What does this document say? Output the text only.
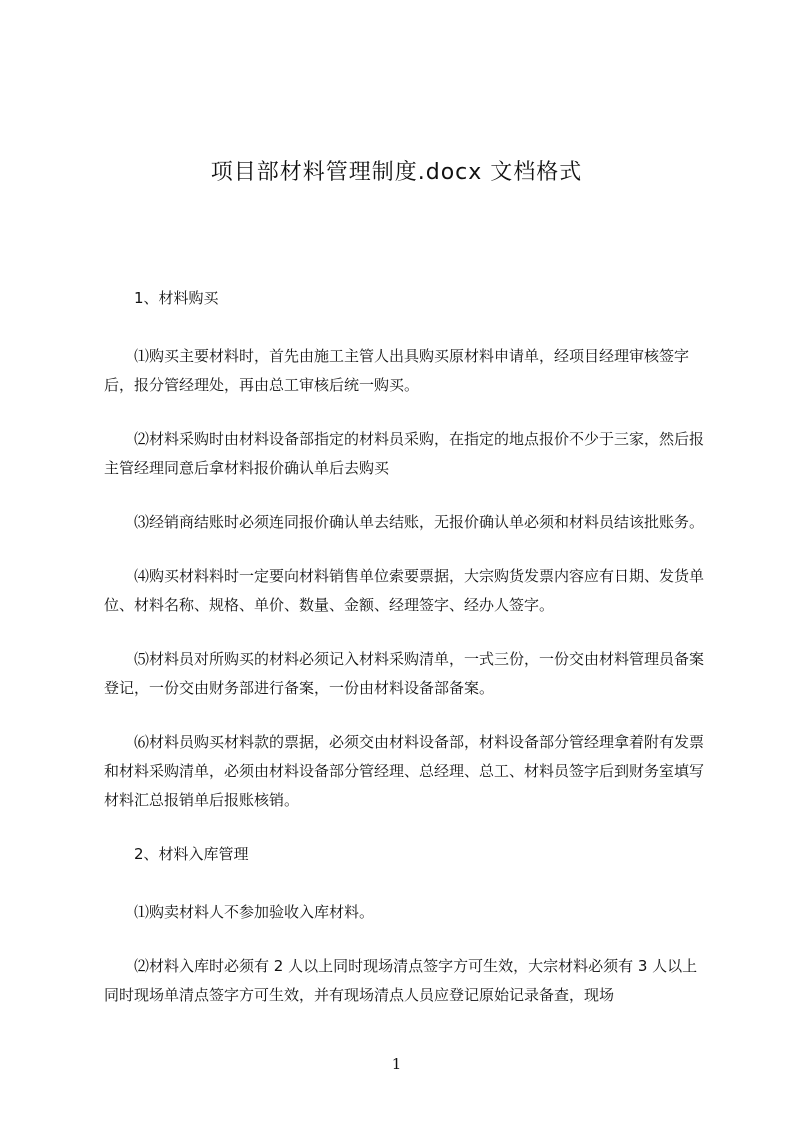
项目部材料管理制度.docx 文档格式

1、材料购买

⑴购买主要材料时，首先由施工主管人出具购买原材料申请单，经项目经理审核签字后，报分管经理处，再由总工审核后统一购买。

⑵材料采购时由材料设备部指定的材料员采购，在指定的地点报价不少于三家，然后报主管经理同意后拿材料报价确认单后去购买

⑶经销商结账时必须连同报价确认单去结账，无报价确认单必须和材料员结该批账务。

⑷购买材料料时一定要向材料销售单位索要票据，大宗购货发票内容应有日期、发货单位、材料名称、规格、单价、数量、金额、经理签字、经办人签字。

⑸材料员对所购买的材料必须记入材料采购清单，一式三份，一份交由材料管理员备案登记，一份交由财务部进行备案，一份由材料设备部备案。

⑹材料员购买材料款的票据，必须交由材料设备部，材料设备部分管经理拿着附有发票和材料采购清单，必须由材料设备部分管经理、总经理、总工、材料员签字后到财务室填写材料汇总报销单后报账核销。

2、材料入库管理

⑴购卖材料人不参加验收入库材料。

⑵材料入库时必须有 2 人以上同时现场清点签字方可生效，大宗材料必须有 3 人以上同时现场单清点签字方可生效，并有现场清点人员应登记原始记录备查，现场

1
